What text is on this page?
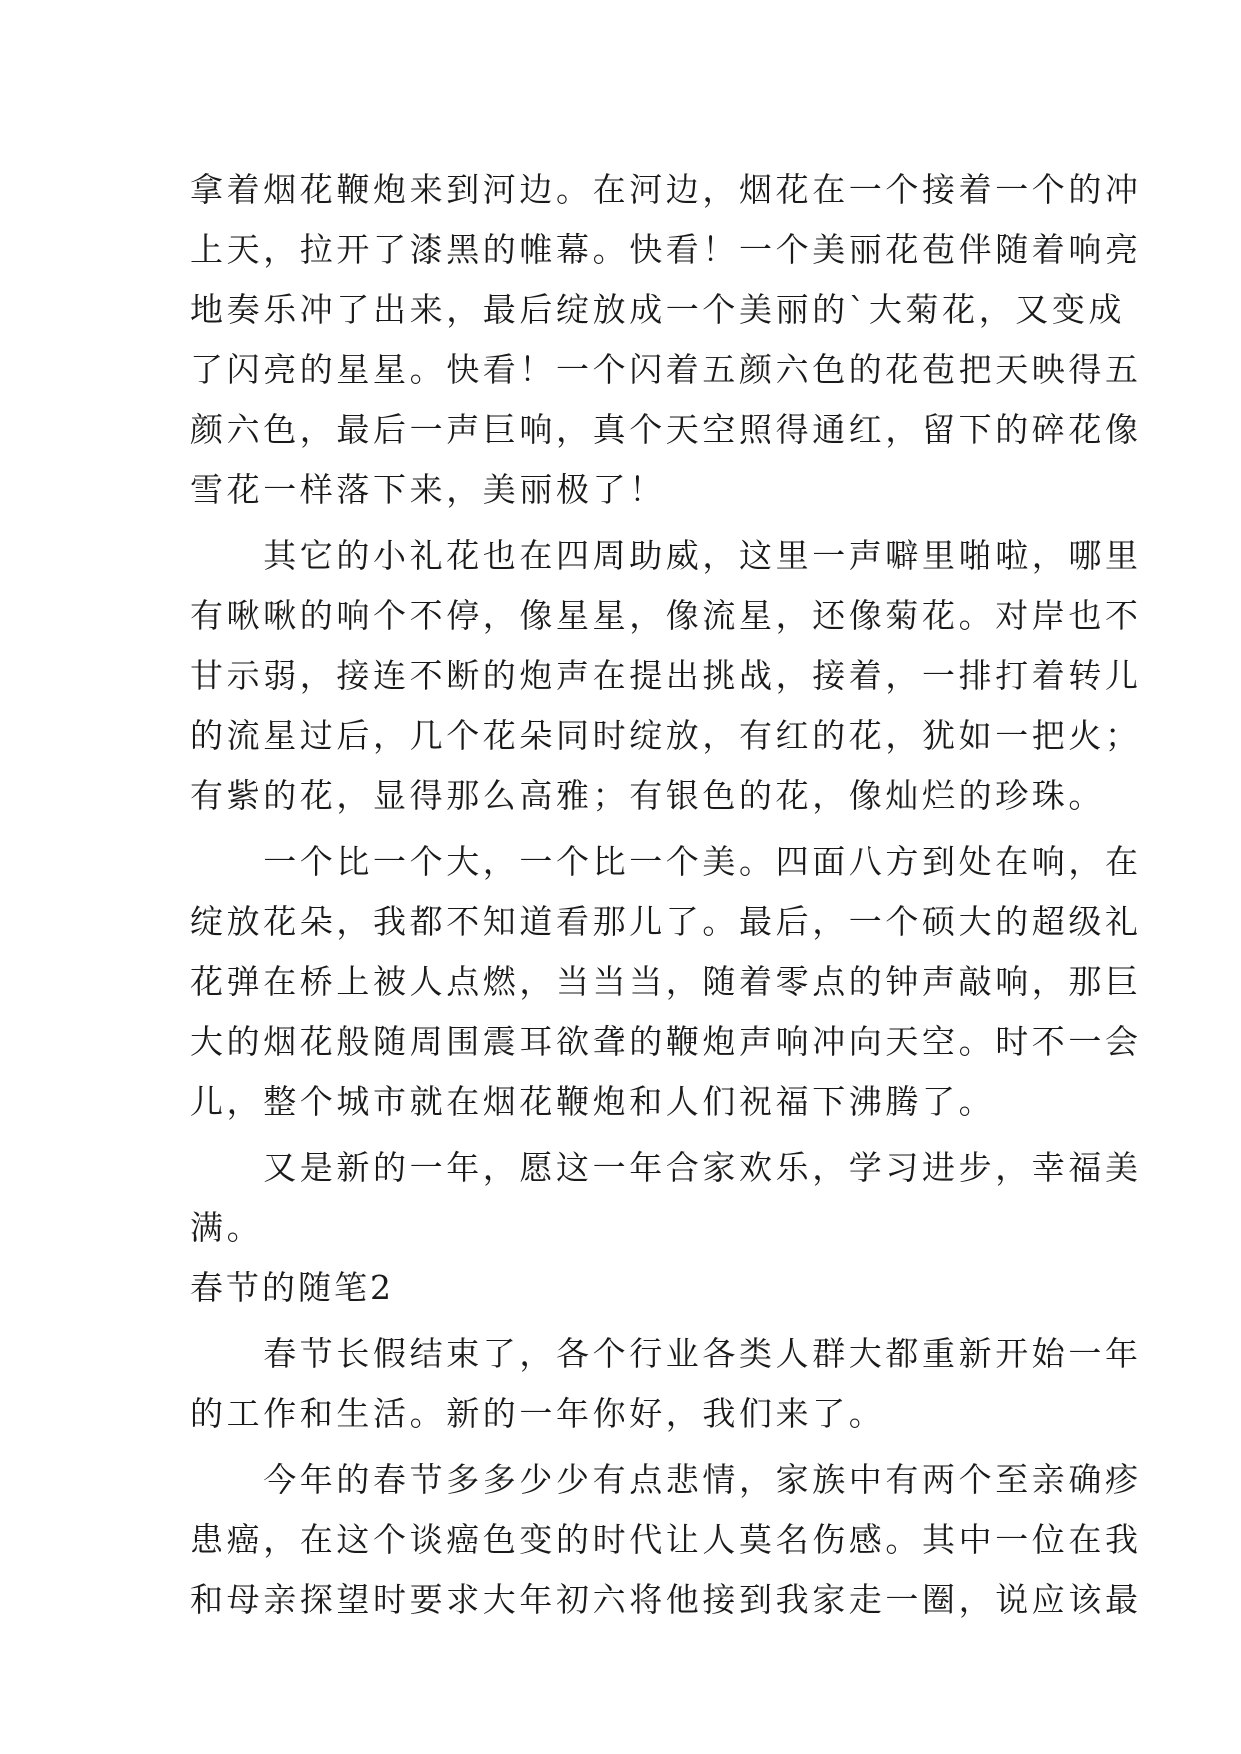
拿着烟花鞭炮来到河边。在河边，烟花在一个接着一个的冲
上天，拉开了漆黑的帷幕。快看！一个美丽花苞伴随着响亮
地奏乐冲了出来，最后绽放成一个美丽的`大菊花，又变成
了闪亮的星星。快看！一个闪着五颜六色的花苞把天映得五
颜六色，最后一声巨响，真个天空照得通红，留下的碎花像
雪花一样落下来，美丽极了！
　　其它的小礼花也在四周助威，这里一声噼里啪啦，哪里
有啾啾的响个不停，像星星，像流星，还像菊花。对岸也不
甘示弱，接连不断的炮声在提出挑战，接着，一排打着转儿
的流星过后，几个花朵同时绽放，有红的花，犹如一把火；
有紫的花，显得那么高雅；有银色的花，像灿烂的珍珠。
　　一个比一个大，一个比一个美。四面八方到处在响，在
绽放花朵，我都不知道看那儿了。最后，一个硕大的超级礼
花弹在桥上被人点燃，当当当，随着零点的钟声敲响，那巨
大的烟花般随周围震耳欲聋的鞭炮声响冲向天空。时不一会
儿，整个城市就在烟花鞭炮和人们祝福下沸腾了。
　　又是新的一年，愿这一年合家欢乐，学习进步，幸福美
满。
春节的随笔2
　　春节长假结束了，各个行业各类人群大都重新开始一年
的工作和生活。新的一年你好，我们来了。
　　今年的春节多多少少有点悲情，家族中有两个至亲确疹
患癌，在这个谈癌色变的时代让人莫名伤感。其中一位在我
和母亲探望时要求大年初六将他接到我家走一圈，说应该最
